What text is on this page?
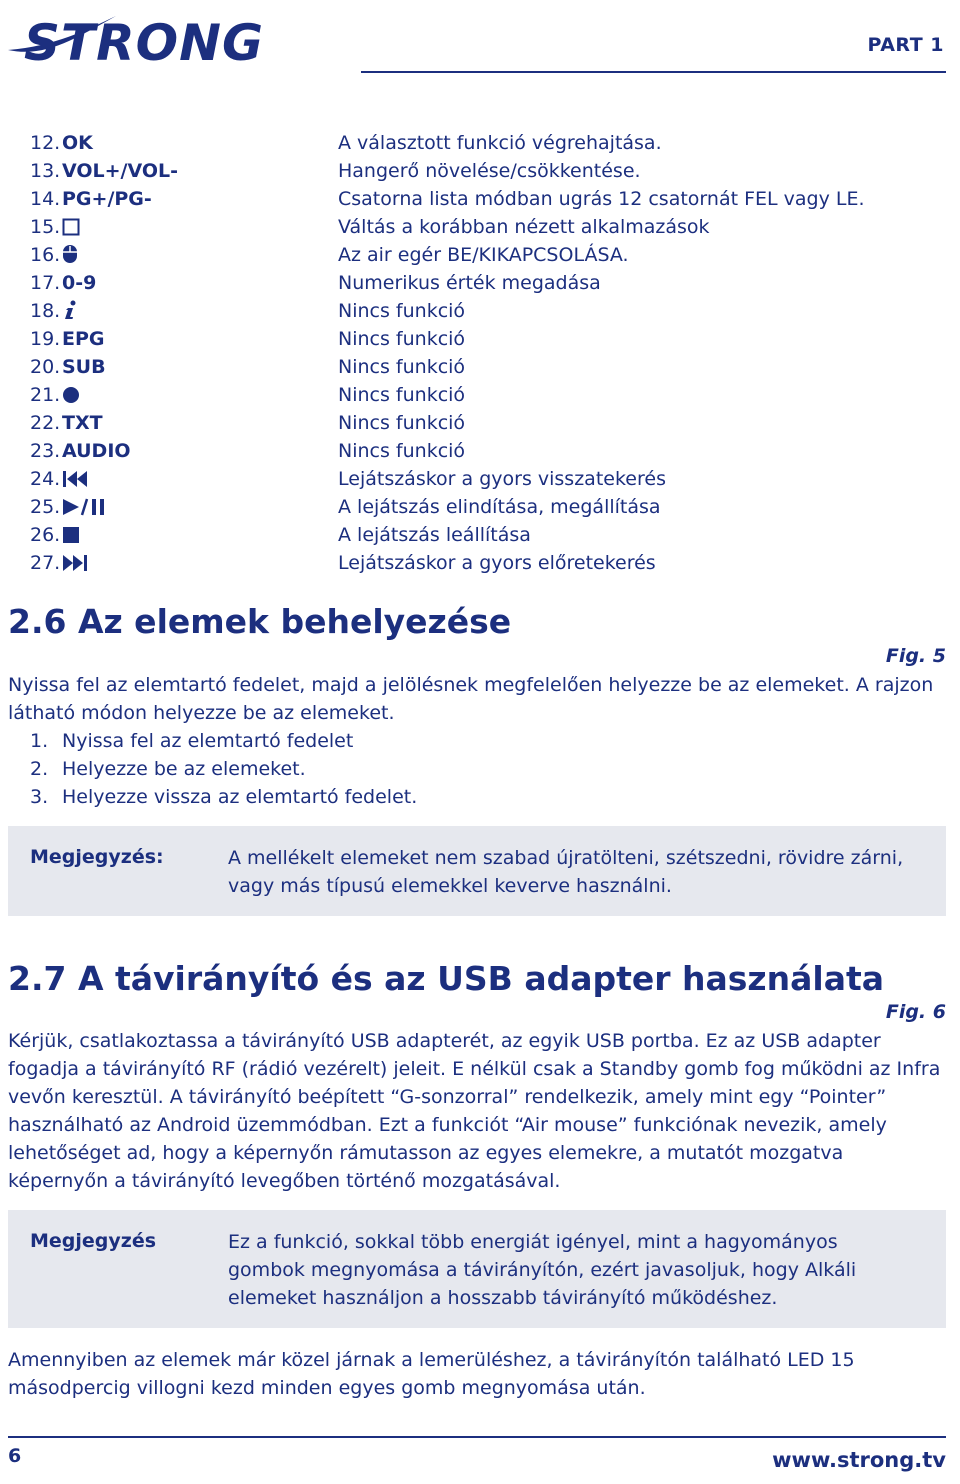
STRONG	PART 1
12. OK	A választott funkció végrehajtása.
13. VOL+/VOL-	Hangerő növelése/csökkentése.
14. PG+/PG-	Csatorna lista módban ugrás 12 csatornát FEL vagy LE.
15.	Váltás a korábban nézett alkalmazások
16.	Az air egér BE/KIKAPCSOLÁSA.
17. 0-9	Numerikus érték megadása
18.	Nincs funkció
19. EPG	Nincs funkció
20. SUB	Nincs funkció
21.	Nincs funkció
22. TXT	Nincs funkció
23. AUDIO	Nincs funkció
24.	Lejátszáskor a gyors visszatekerés
25.	A lejátszás elindítása, megállítása
26.	A lejátszás leállítása
27.	Lejátszáskor a gyors előretekerés
2.6 Az elemek behelyezése
Fig. 5

Nyissa fel az elemtartó fedelet, majd a jelölésnek megfelelően helyezze be az elemeket. A rajzon látható módon helyezze be az elemeket.

1. Nyissa fel az elemtartó fedelet
2. Helyezze be az elemeket.
3. Helyezze vissza az elemtartó fedelet.
Megjegyzés:	A mellékelt elemeket nem szabad újratölteni, szétszedni, rövidre zárni, vagy más típusú elemekkel keverve használni.

2.7 A távirányító és az USB adapter használata
Fig. 6

Kérjük, csatlakoztassa a távirányító USB adapterét, az egyik USB portba. Ez az USB adapter fogadja a távirányító RF (rádió vezérelt) jeleit. E nélkül csak a Standby gomb fog működni az Infra vevőn keresztül. A távirányító beépített “G-sonzorral” rendelkezik, amely mint egy “Pointer” használható az Android üzemmódban. Ezt a funkciót “Air mouse” funkciónak nevezik, amely lehetőséget ad, hogy a képernyőn rámutasson az egyes elemekre, a mutatót mozgatva képernyőn a távirányító levegőben történő mozgatásával.

Megjegyzés	Ez a funkció, sokkal több energiát igényel, mint a hagyományos gombok megnyomása a távirányítón, ezért javasoljuk, hogy Alkáli elemeket használjon a hosszabb távirányító működéshez.

Amennyiben az elemek már közel járnak a lemerüléshez, a távirányítón található LED 15 másodpercig villogni kezd minden egyes gomb megnyomása után.

6	www.strong.tv
